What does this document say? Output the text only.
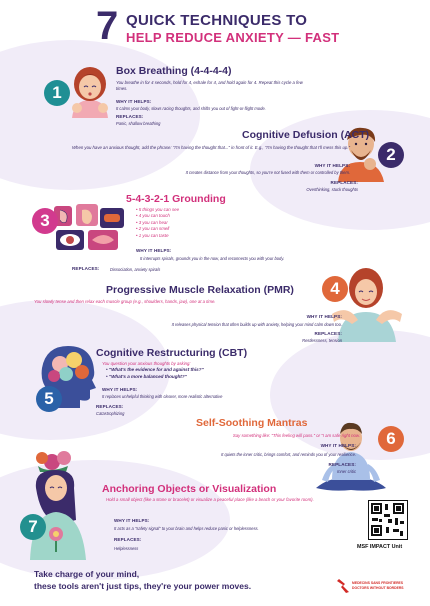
7 QUICK TECHNIQUES TO
HELP REDUCE ANXIETY — FAST
1
Box Breathing (4-4-4-4)
You breathe in for 4 seconds, hold for 4, exhale for 4, and hold again for 4. Repeat this cycle a few times.
WHY IT HELPS:
It calms your body, slows racing thoughts, and shifts you out of fight-or-flight mode.
REPLACES:
Panic, shallow breathing
2
Cognitive Defusion (ACT)
When you have an anxious thought, add the phrase: "I'm having the thought that..." in front of it. E.g., "I'm having the thought that I'll mess this up."
WHY IT HELPS:
It creates distance from your thoughts, so you're not fused with them or controlled by them.
REPLACES:
Overthinking, stuck thoughts
3
5-4-3-2-1 Grounding
• 5 things you can see
• 4 you can touch
• 3 you can hear
• 2 you can smell
• 1 you can taste
WHY IT HELPS:
It interrupts spirals, grounds you in the now, and reconnects you with your body.
REPLACES:	Dissociation, anxiety spirals
4
Progressive Muscle Relaxation (PMR)
You slowly tense and then relax each muscle group (e.g., shoulders, hands, jaw), one at a time.
WHY IT HELPS:
It releases physical tension that often builds up with anxiety, helping your mind calm down too.
REPLACES:
Restlessness, tension
5
Cognitive Restructuring (CBT)
You question your anxious thoughts by asking:
• "What's the evidence for and against this?"
• "What's a more balanced thought?"
WHY IT HELPS:
It replaces unhelpful thinking with clearer, more realistic alternative
REPLACES:
Catastrophizing
6
Self-Soothing Mantras
Say something like: "This feeling will pass." or "I am safe right now.
WHY IT HELPS:
It quiets the inner critic, brings comfort, and reminds you of your resilience.
REPLACES:
Inner critic
7
Anchoring Objects or Visualization
Hold a small object (like a stone or bracelet) or visualize a peaceful place (like a beach or your favorite room).
WHY IT HELPS:
It acts as a "safety signal" to your brain and helps reduce panic or helplessness.
REPLACES:
Helplessness	MSF IMPACT Unit
Take charge of your mind,
these tools aren't just tips, they're your power moves.	MEDECINS SANS FRONTIERES
DOCTORS WITHOUT BORDERS
